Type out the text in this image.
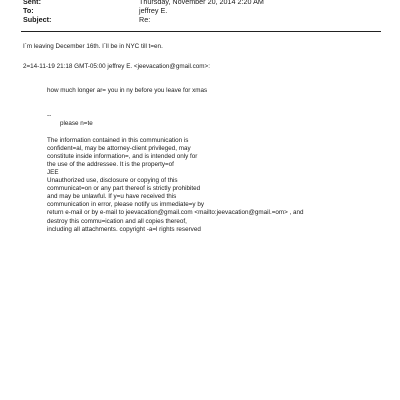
Sent:	Thursday, November 20, 2014 2:20 AM
To:	jeffrey E.
Subject:	Re:
I`m leaving December 16th. I`ll be in NYC till t=en.
2=14-11-19 21:18 GMT-05:00 jeffrey E. <jeevacation@gmail.com>:
how much longer ar= you in ny before you leave for xmas
--
please n=te
The information contained in this communication is
confident=al, may be attorney-client privileged, may
constitute inside information=, and is intended only for
the use of the addressee. It is the property=of
JEE
Unauthorized use, disclosure or copying of this
communicat=on or any part thereof is strictly prohibited
and may be unlawful. If y=u have received this
communication in error, please notify us immediate=y by
return e-mail or by e-mail to jeevacation@gmail.com <mailto:jeevacation@gmail.=om> , and
destroy this commu=ication and all copies thereof,
including all attachments. copyright -a=l rights reserved
